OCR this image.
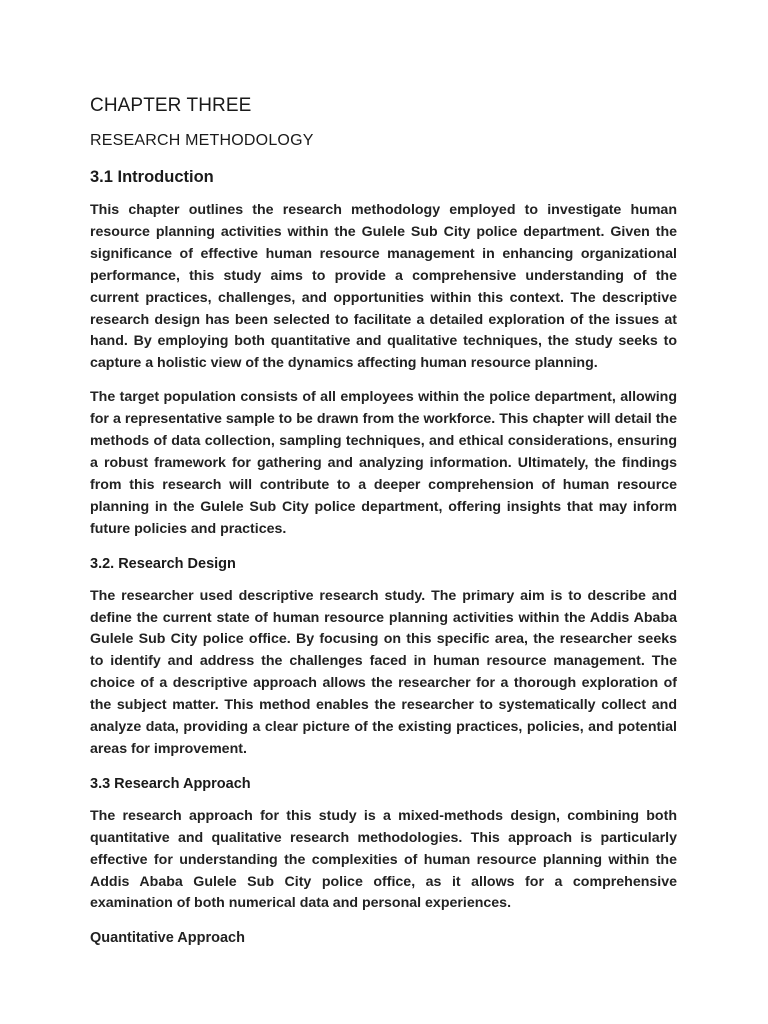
CHAPTER THREE
RESEARCH METHODOLOGY
3.1 Introduction

This chapter outlines the research methodology employed to investigate human resource planning activities within the Gulele Sub City police department. Given the significance of effective human resource management in enhancing organizational performance, this study aims to provide a comprehensive understanding of the current practices, challenges, and opportunities within this context. The descriptive research design has been selected to facilitate a detailed exploration of the issues at hand. By employing both quantitative and qualitative techniques, the study seeks to capture a holistic view of the dynamics affecting human resource planning.

The target population consists of all employees within the police department, allowing for a representative sample to be drawn from the workforce. This chapter will detail the methods of data collection, sampling techniques, and ethical considerations, ensuring a robust framework for gathering and analyzing information. Ultimately, the findings from this research will contribute to a deeper comprehension of human resource planning in the Gulele Sub City police department, offering insights that may inform future policies and practices.

3.2. Research Design

The researcher used descriptive research study. The primary aim is to describe and define the current state of human resource planning activities within the Addis Ababa Gulele Sub City police office. By focusing on this specific area, the researcher seeks to identify and address the challenges faced in human resource management. The choice of a descriptive approach allows the researcher for a thorough exploration of the subject matter. This method enables the researcher to systematically collect and analyze data, providing a clear picture of the existing practices, policies, and potential areas for improvement.

3.3 Research Approach

The research approach for this study is a mixed-methods design, combining both quantitative and qualitative research methodologies. This approach is particularly effective for understanding the complexities of human resource planning within the Addis Ababa Gulele Sub City police office, as it allows for a comprehensive examination of both numerical data and personal experiences.

Quantitative Approach
